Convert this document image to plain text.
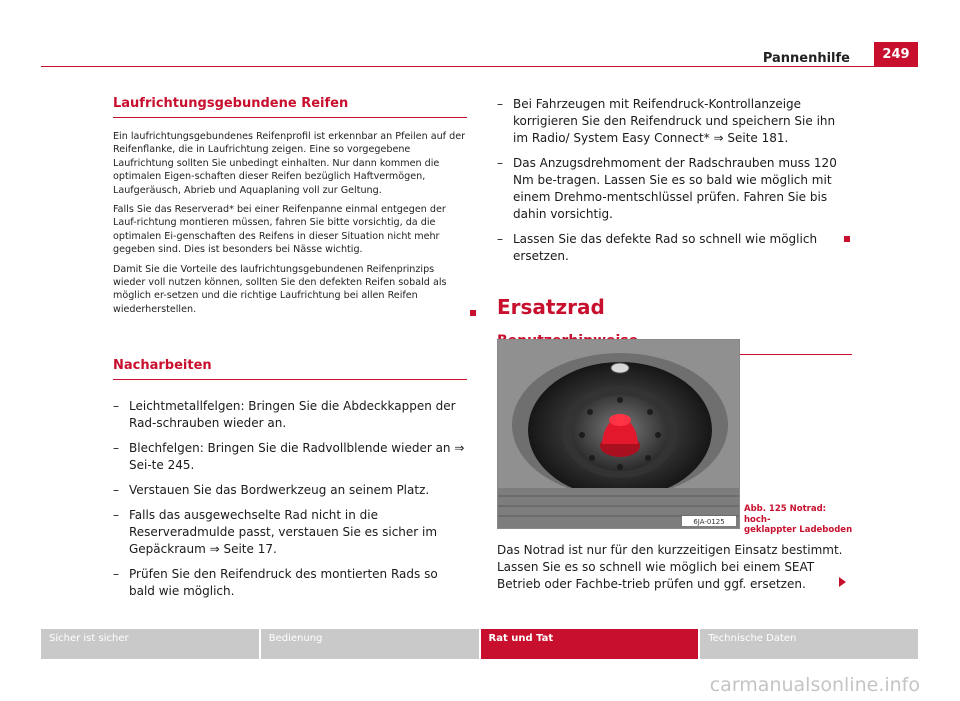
Pannenhilfe	249
Laufrichtungsgebundene Reifen

Ein laufrichtungsgebundenes Reifenprofil ist erkennbar an Pfeilen auf der Reifenflanke, die in Laufrichtung zeigen. Eine so vorgegebene Laufrichtung sollten Sie unbedingt einhalten. Nur dann kommen die optimalen Eigen-schaften dieser Reifen bezüglich Haftvermögen, Laufgeräusch, Abrieb und Aquaplaning voll zur Geltung.

Falls Sie das Reserverad* bei einer Reifenpanne einmal entgegen der Lauf-richtung montieren müssen, fahren Sie bitte vorsichtig, da die optimalen Ei-genschaften des Reifens in dieser Situation nicht mehr gegeben sind. Dies ist besonders bei Nässe wichtig.

Damit Sie die Vorteile des laufrichtungsgebundenen Reifenprinzips wieder voll nutzen können, sollten Sie den defekten Reifen sobald als möglich er-setzen und die richtige Laufrichtung bei allen Reifen wiederherstellen.

Nacharbeiten
– Leichtmetallfelgen: Bringen Sie die Abdeckkappen der Rad-schrauben wieder an.
– Blechfelgen: Bringen Sie die Radvollblende wieder an ⇒ Sei-te 245.
– Verstauen Sie das Bordwerkzeug an seinem Platz.
– Falls das ausgewechselte Rad nicht in die Reserveradmulde passt, verstauen Sie es sicher im Gepäckraum ⇒ Seite 17.
– Prüfen Sie den Reifendruck des montierten Rads so bald wie möglich.
– Bei Fahrzeugen mit Reifendruck-Kontrollanzeige korrigieren Sie den Reifendruck und speichern Sie ihn im Radio/ System Easy Connect* ⇒ Seite 181.
– Das Anzugsdrehmoment der Radschrauben muss 120 Nm be-tragen. Lassen Sie es so bald wie möglich mit einem Drehmo-mentschlüssel prüfen. Fahren Sie bis dahin vorsichtig.
– Lassen Sie das defekte Rad so schnell wie möglich ersetzen.
Ersatzrad
6JA-0125
Abb. 125 Notrad: hoch-
geklappter Ladeboden
Das Notrad ist nur für den kurzzeitigen Einsatz bestimmt. Lassen Sie es so schnell wie möglich bei einem SEAT Betrieb oder Fachbe-trieb prüfen und ggf. ersetzen.
Sicher ist sicher	Bedienung	Rat und Tat	Technische Daten
carmanualsonline.info
